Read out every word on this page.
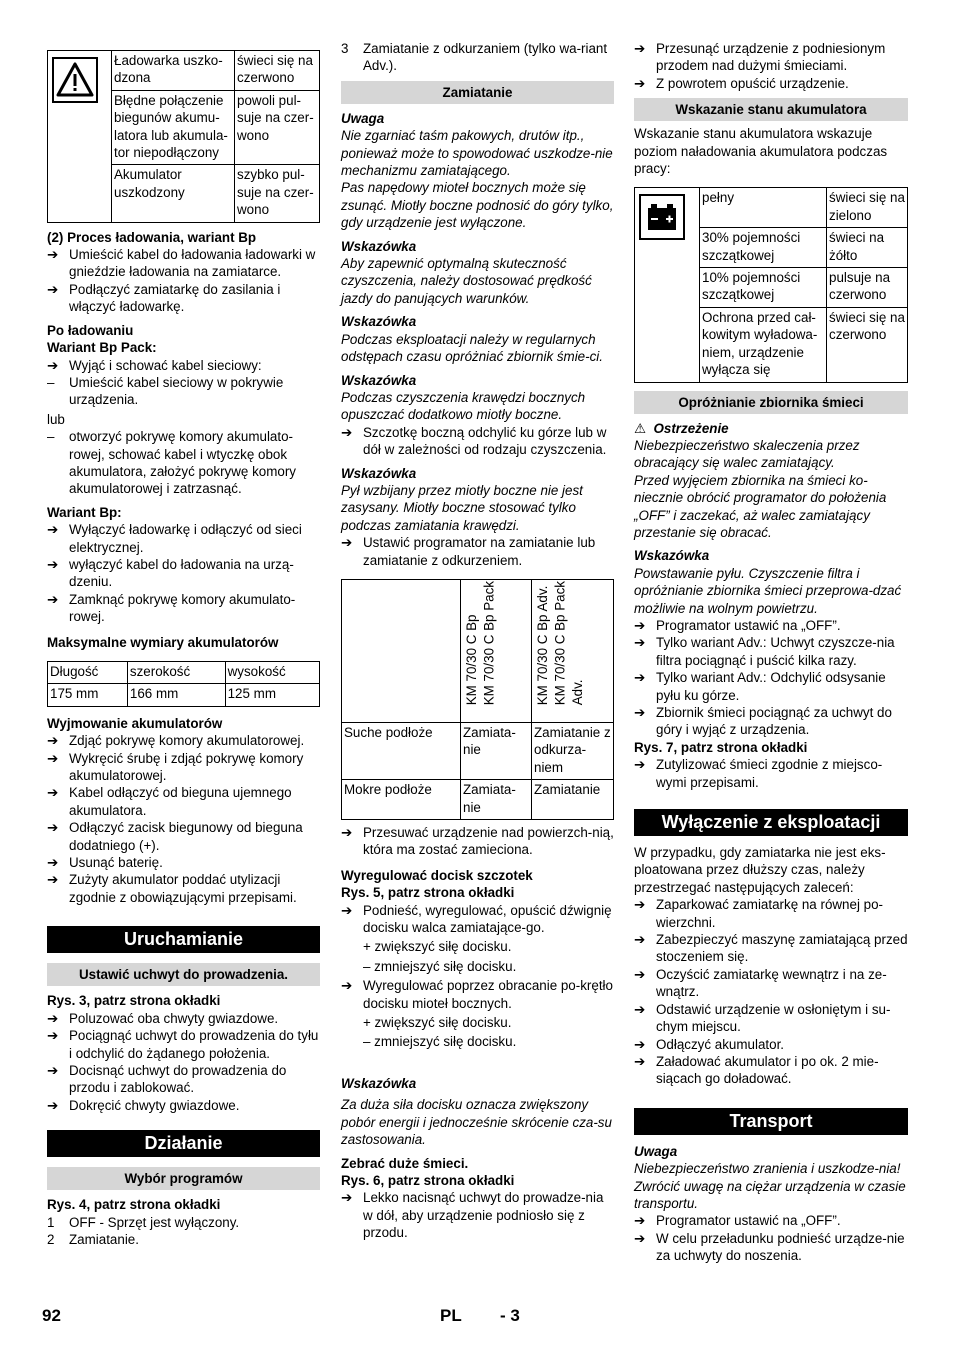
	Ładowarka uszko-dzona	świeci się na czerwono
	Błędne połączenie biegunów akumu-latora lub akumula-tor niepodłączony	powoli pul-suje na czer-wono
	Akumulator uszkodzony	szybko pul-suje na czer-wono

(2) Proces ładowania, wariant Bp

➔ Umieścić kabel do ładowania ładowarki w gnieździe ładowania na zamiatarce.

➔ Podłączyć zamiatarkę do zasilania i włączyć ładowarkę.

Po ładowaniu

Wariant Bp Pack:

➔ Wyjąć i schować kabel sieciowy:

– Umieścić kabel sieciowy w pokrywie urządzenia.

lub

– otworzyć pokrywę komory akumulato-rowej, schować kabel i wtyczkę obok akumulatora, założyć pokrywę komory akumulatorowej i zatrzasnąć.

Wariant Bp:

➔ Wyłączyć ładowarkę i odłączyć od sieci elektrycznej.

➔ wyłączyć kabel do ładowania na urzą-dzeniu.

➔ Zamknąć pokrywę komory akumulato-rowej.

Maksymalne wymiary akumulatorów

Długość	szerokość	wysokość
175 mm	166 mm	125 mm

Wyjmowanie akumulatorów

➔ Zdjąć pokrywę komory akumulatorowej.

➔ Wykręcić śrubę i zdjąć pokrywę komory akumulatorowej.

➔ Kabel odłączyć od bieguna ujemnego akumulatora.

➔ Odłączyć zacisk biegunowy od bieguna dodatniego (+).

➔ Usunąć baterię.

➔ Zużyty akumulator poddać utylizacji zgodnie z obowiązującymi przepisami.

Uruchamianie
Ustawić uchwyt do prowadzenia.

Rys. 3, patrz strona okładki

➔ Poluzować oba chwyty gwiazdowe.

➔ Pociągnąć uchwyt do prowadzenia do tyłu i odchylić do żądanego położenia.

➔ Docisnąć uchwyt do prowadzenia do przodu i zablokować.

➔ Dokręcić chwyty gwiazdowe.

Działanie
Wybór programów

Rys. 4, patrz strona okładki

1 OFF - Sprzęt jest wyłączony.

2 Zamiatanie.

3 Zamiatanie z odkurzaniem (tylko wa-riant Adv.).

Zamiatanie

Uwaga

Nie zgarniać taśm pakowych, drutów itp., ponieważ może to spowodować uszkodze-nie mechanizmu zamiatającego.

Pas napędowy mioteł bocznych może się zsunąć. Miotły boczne podnosić do góry tylko, gdy urządzenie jest wyłączone.

Wskazówka

Aby zapewnić optymalną skuteczność czyszczenia, należy dostosować prędkość jazdy do panujących warunków.

Wskazówka

Podczas eksploatacji należy w regularnych odstępach czasu opróżniać zbiornik śmie-ci.

Wskazówka

Podczas czyszczenia krawędzi bocznych opuszczać dodatkowo miotły boczne.

➔ Szczotkę boczną odchylić ku górze lub w dół w zależności od rodzaju czyszczenia.

Wskazówka

Pył wzbijany przez miotły boczne nie jest zasysany. Miotły boczne stosować tylko podczas zamiatania krawędzi.

➔ Ustawić programator na zamiatanie lub zamiatanie z odkurzeniem.

	KM 70/30 C Bp KM 70/30 C Bp Pack	KM 70/30 C Bp Adv. KM 70/30 C Bp Pack Adv.

Suche podłoże	Zamiata-nie	Zamiatanie z odkurza-niem
Mokre podłoże	Zamiata-nie	Zamiatanie

➔ Przesuwać urządzenie nad powierzch-nią, która ma zostać zamieciona.

Wyregulować docisk szczotek

Rys. 5, patrz strona okładki

➔ Podnieść, wyregulować, opuścić dźwignię docisku walca zamiatające-go.

+ zwiększyć siłę docisku.

– zmniejszyć siłę docisku.

➔ Wyregulować poprzez obracanie po-krętło docisku mioteł bocznych.

+ zwiększyć siłę docisku.

– zmniejszyć siłę docisku.

Wskazówka

Za duża siła docisku oznacza zwiększony pobór energii i jednocześnie skrócenie cza-su zastosowania.

Zebrać duże śmieci.

Rys. 6, patrz strona okładki

➔ Lekko nacisnąć uchwyt do prowadze-nia w dół, aby urządzenie podniosło się z przodu.

➔ Przesunąć urządzenie z podniesionym przodem nad dużymi śmieciami.

➔ Z powrotem opuścić urządzenie.

Wskazanie stanu akumulatora

Wskazanie stanu akumulatora wskazuje poziom naładowania akumulatora podczas pracy:

	pełny	świeci się na zielono
	30% pojemności szczątkowej	świeci na żółto
	10% pojemności szczątkowej	pulsuje na czerwono
	Ochrona przed cał-kowitym wyładowa-niem, urządzenie wyłącza się	świeci się na czerwono
Opróżnianie zbiornika śmieci

⚠ Ostrzeżenie

Niebezpieczeństwo skaleczenia przez obracający się walec zamiatający.

Przed wyjęciem zbiornika na śmieci ko-niecznie obrócić programator do położenia „OFF” i zaczekać, aż walec zamiatający przestanie się obracać.

Wskazówka

Powstawanie pyłu. Czyszczenie filtra i opróżnianie zbiornika śmieci przeprowa-dzać możliwie na wolnym powietrzu.

➔ Programator ustawić na „OFF”.

➔ Tylko wariant Adv.: Uchwyt czyszcze-nia filtra pociągnąć i puścić kilka razy.

➔ Tylko wariant Adv.: Odchylić odsysanie pyłu ku górze.

➔ Zbiornik śmieci pociągnąć za uchwyt do góry i wyjąć z urządzenia.

Rys. 7, patrz strona okładki

➔ Zutylizować śmieci zgodnie z miejsco-wymi przepisami.

Wyłączenie z eksploatacji

W przypadku, gdy zamiatarka nie jest eks-ploatowana przez dłuższy czas, należy przestrzegać następujących zaleceń:

➔ Zaparkować zamiatarkę na równej po-wierzchni.

➔ Zabezpieczyć maszynę zamiatającą przed stoczeniem się.

➔ Oczyścić zamiatarkę wewnątrz i na ze-wnątrz.

➔ Odstawić urządzenie w osłoniętym i su-chym miejscu.

➔ Odłączyć akumulator.

➔ Załadować akumulator i po ok. 2 mie-siącach go doładować.

Transport

Uwaga

Niebezpieczeństwo zranienia i uszkodze-nia! Zwrócić uwagę na ciężar urządzenia w czasie transportu.

➔ Programator ustawić na „OFF”.

➔ W celu przeładunku podnieść urządze-nie za uchwyty do noszenia.

92	PL - 3
